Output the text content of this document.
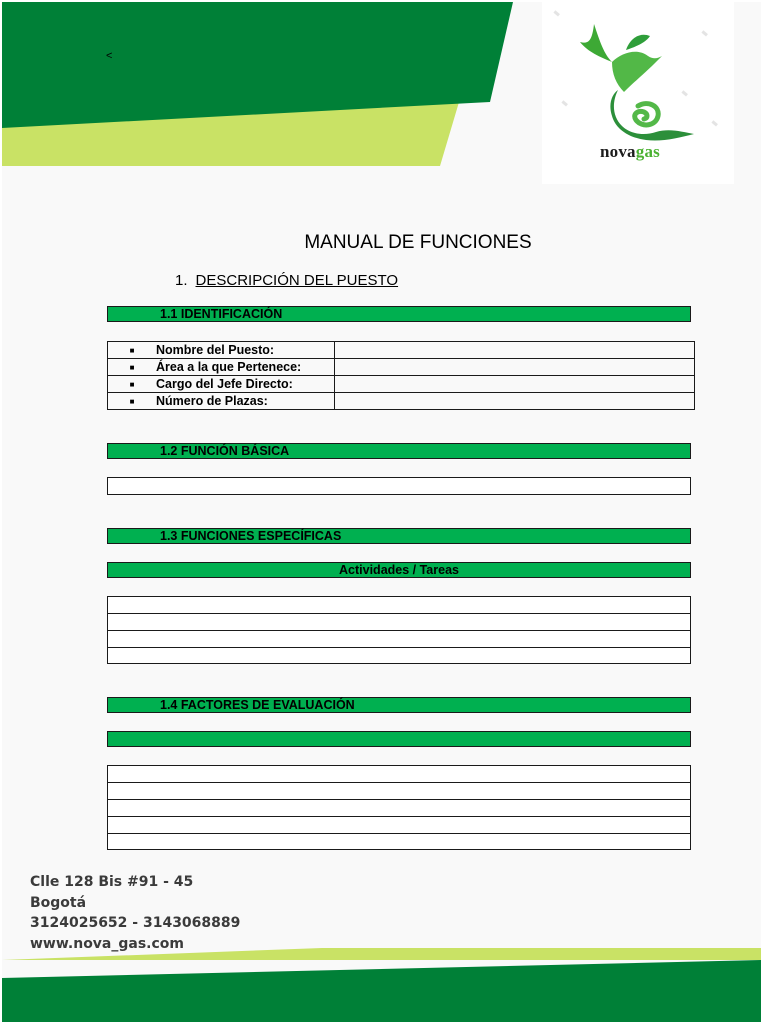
<
novagas
MANUAL DE FUNCIONES
1. DESCRIPCIÓN DEL PUESTO
1.1 IDENTIFICACIÓN
■ Nombre del Puesto:	
■ Área a la que Pertenece:	
■ Cargo del Jefe Directo:	
■ Número de Plazas:	
1.2 FUNCIÓN BÁSICA
1.3 FUNCIONES ESPECÍFICAS
Actividades / Tareas
1.4 FACTORES DE EVALUACIÓN
Clle 128 Bis #91 - 45
Bogotá
3124025652 - 3143068889
www.nova_gas.com
